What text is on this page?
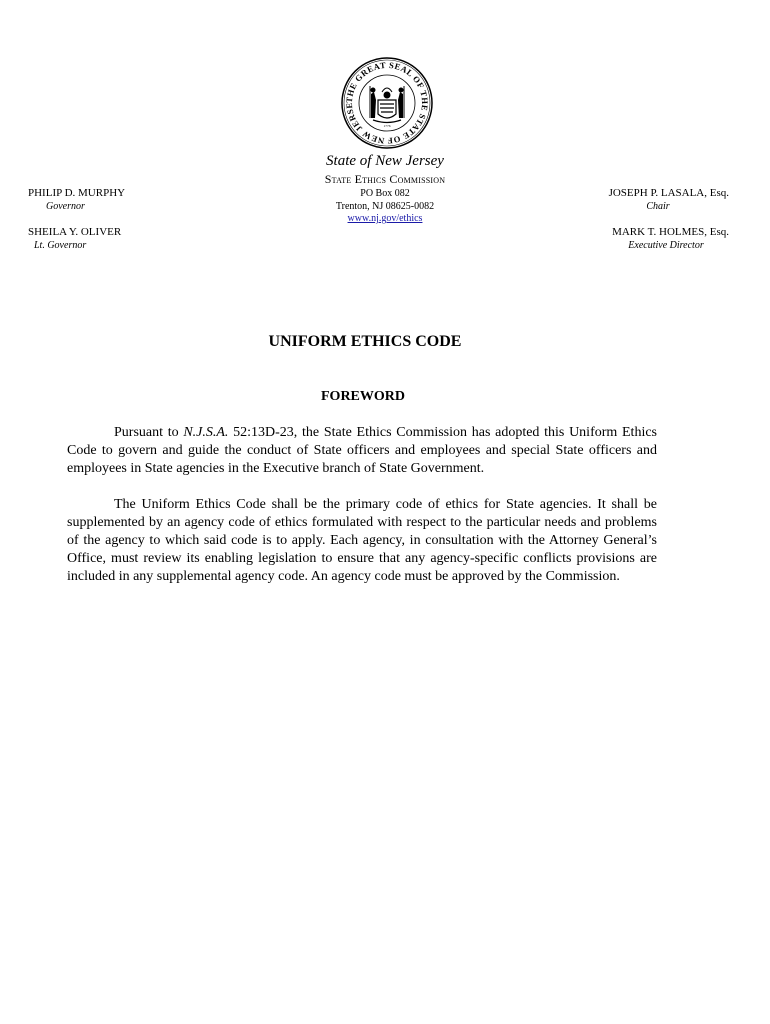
THE GREAT SEAL OF THE STATE OF NEW JERSE
1776
State of New Jersey
State Ethics Commission
PO Box 082
Trenton, NJ 08625-0082
www.nj.gov/ethics
PHILIP D. MURPHY
Governor
SHEILA Y. OLIVER
Lt. Governor
JOSEPH P. LASALA, Esq.
Chair
MARK T. HOLMES, Esq.
Executive Director
UNIFORM ETHICS CODE
FOREWORD
Pursuant to N.J.S.A. 52:13D-23, the State Ethics Commission has adopted this Uniform Ethics Code to govern and guide the conduct of State officers and employees and special State officers and employees in State agencies in the Executive branch of State Government.
The Uniform Ethics Code shall be the primary code of ethics for State agencies. It shall be supplemented by an agency code of ethics formulated with respect to the particular needs and problems of the agency to which said code is to apply. Each agency, in consultation with the Attorney General’s Office, must review its enabling legislation to ensure that any agency-specific conflicts provisions are included in any supplemental agency code. An agency code must be approved by the Commission.
